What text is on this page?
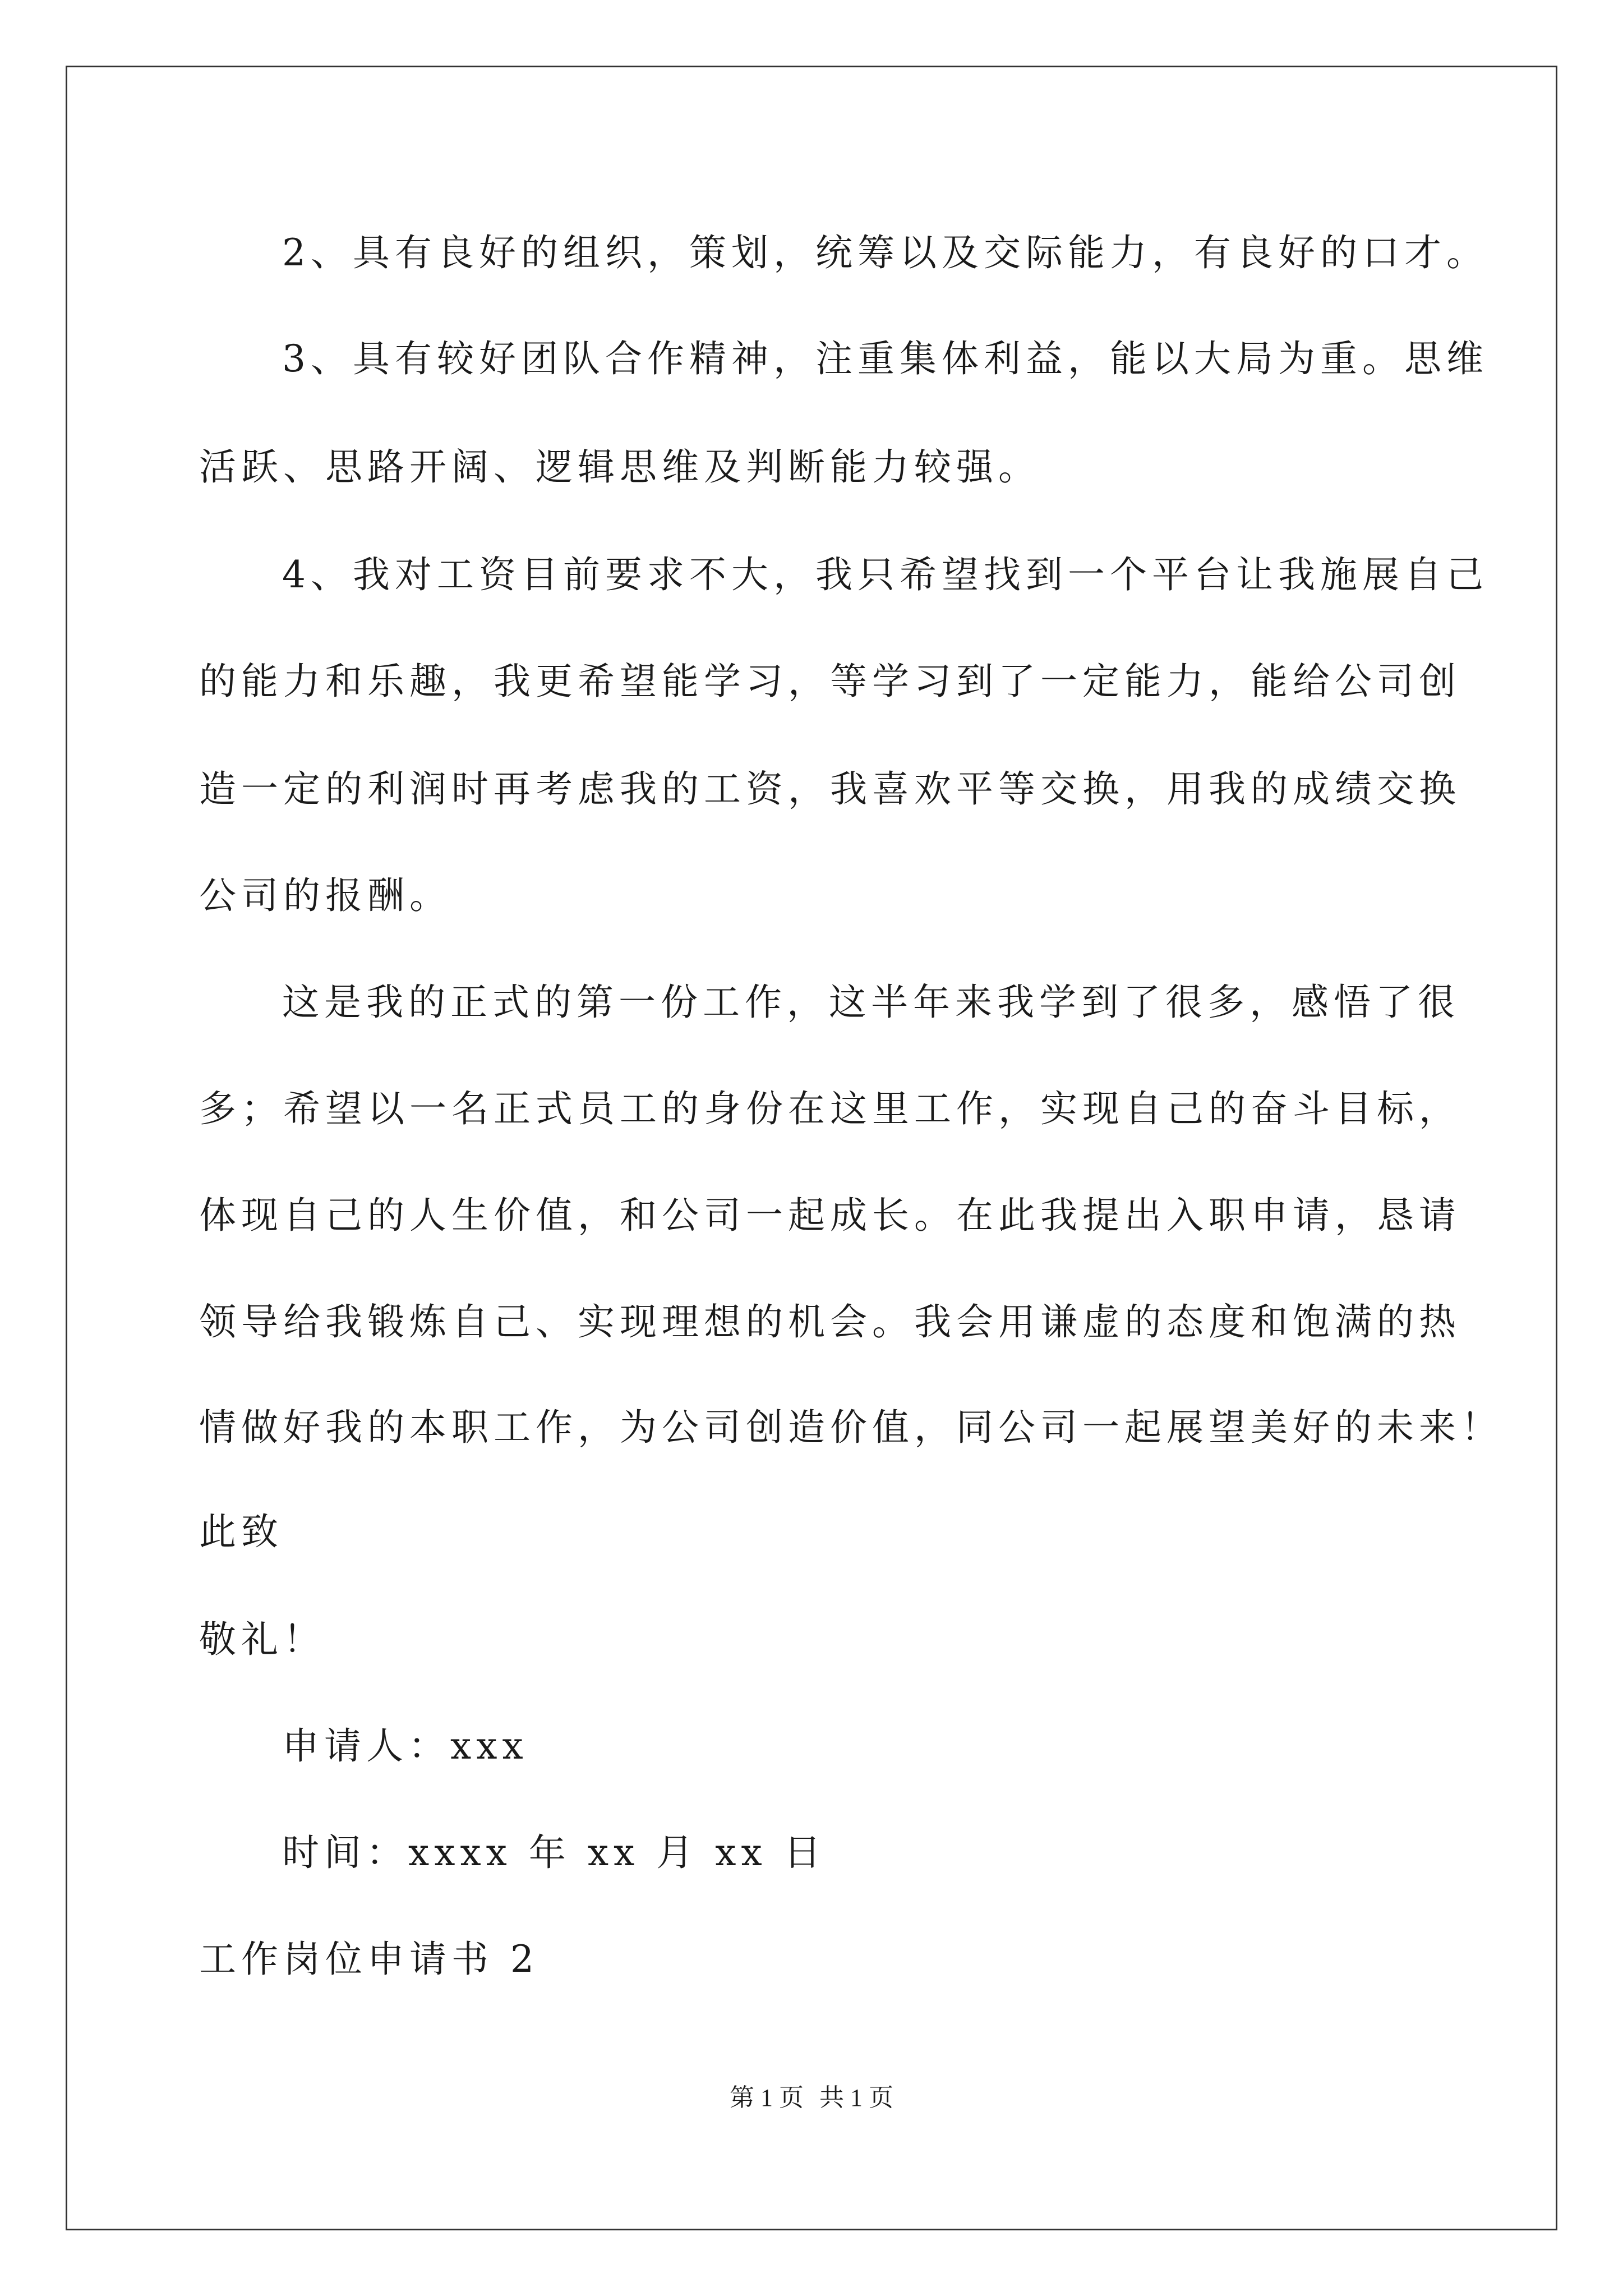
2、具有良好的组织，策划，统筹以及交际能力，有良好的口才。
3、具有较好团队合作精神，注重集体利益，能以大局为重。思维
活跃、思路开阔、逻辑思维及判断能力较强。
4、我对工资目前要求不大，我只希望找到一个平台让我施展自己
的能力和乐趣，我更希望能学习，等学习到了一定能力，能给公司创
造一定的利润时再考虑我的工资，我喜欢平等交换，用我的成绩交换
公司的报酬。
这是我的正式的第一份工作，这半年来我学到了很多，感悟了很
多；希望以一名正式员工的身份在这里工作，实现自己的奋斗目标，
体现自己的人生价值，和公司一起成长。在此我提出入职申请，恳请
领导给我锻炼自己、实现理想的机会。我会用谦虚的态度和饱满的热
情做好我的本职工作，为公司创造价值，同公司一起展望美好的未来！
此致
敬礼！
申请人：xxx
时间：xxxx 年 xx 月 xx 日
工作岗位申请书 2
第 1 页 共 1 页
